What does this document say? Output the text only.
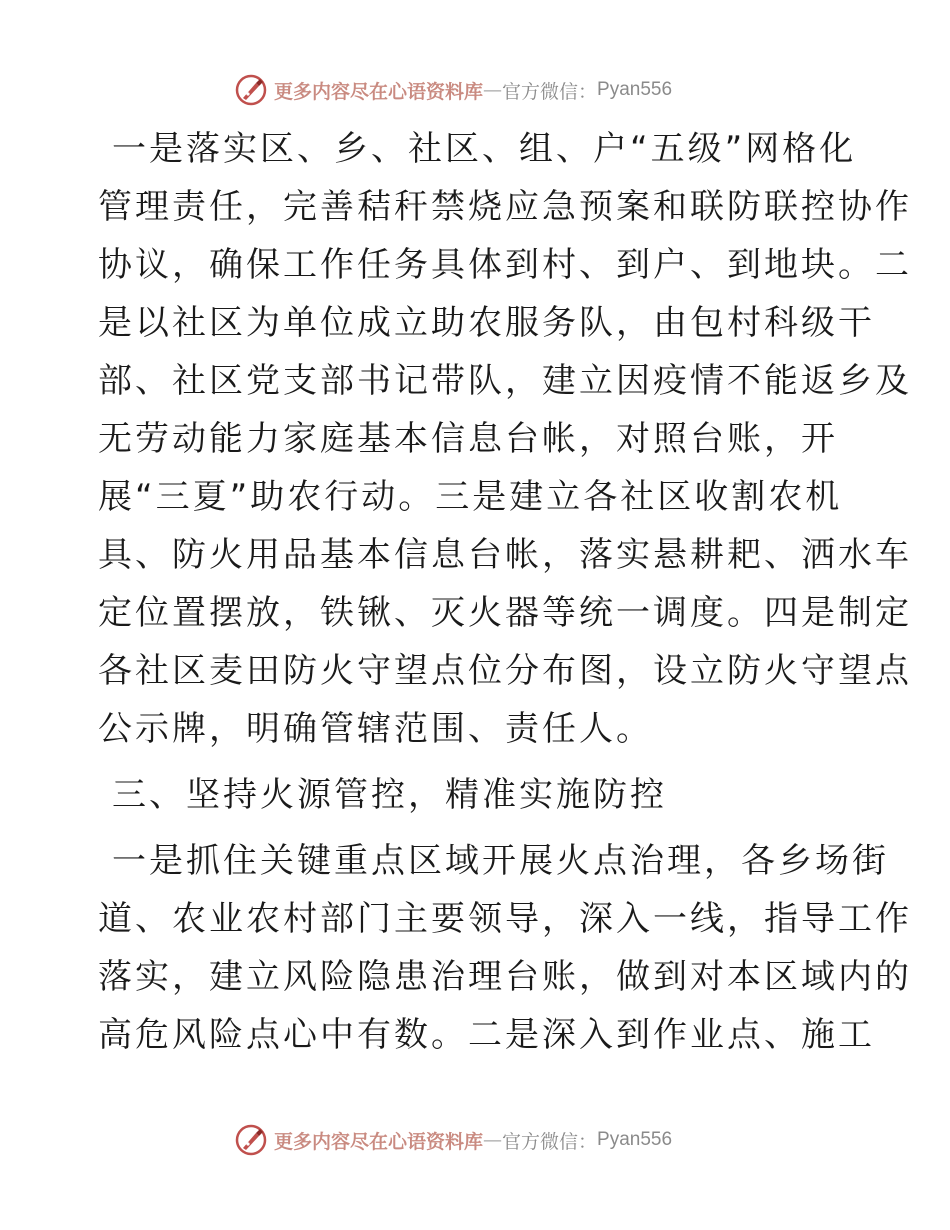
更多内容尽在心语资料库 — 官方微信： Pyan556
一是落实区、乡、社区、组、户“五级”网格化
管理责任，完善秸秆禁烧应急预案和联防联控协作
协议，确保工作任务具体到村、到户、到地块。二
是以社区为单位成立助农服务队，由包村科级干
部、社区党支部书记带队，建立因疫情不能返乡及
无劳动能力家庭基本信息台帐，对照台账，开
展“三夏”助农行动。三是建立各社区收割农机
具、防火用品基本信息台帐，落实悬耕耙、洒水车
定位置摆放，铁锹、灭火器等统一调度。四是制定
各社区麦田防火守望点位分布图，设立防火守望点
公示牌，明确管辖范围、责任人。
三、坚持火源管控，精准实施防控
一是抓住关键重点区域开展火点治理，各乡场街
道、农业农村部门主要领导，深入一线，指导工作
落实，建立风险隐患治理台账，做到对本区域内的
高危风险点心中有数。二是深入到作业点、施工
更多内容尽在心语资料库 — 官方微信： Pyan556
